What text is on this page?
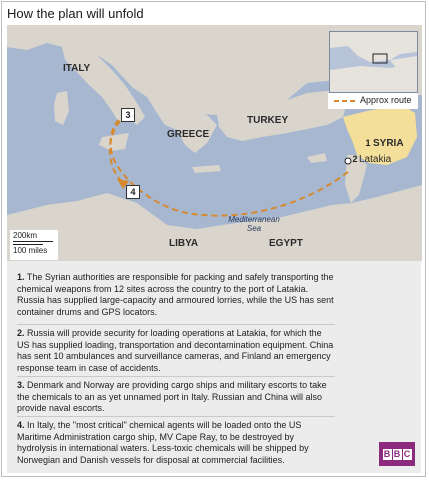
How the plan will unfold
ITALY
GREECE
TURKEY
SYRIA
Latakia
LIBYA	EGYPT
Mediterranean
Sea
1
2
3
4
Approx route
200km
100 miles
1. The Syrian authorities are responsible for packing and safely transporting the chemical weapons from 12 sites across the country to the port of Latakia. Russia has supplied large-capacity and armoured lorries, while the US has sent container drums and GPS locators.
2. Russia will provide security for loading operations at Latakia, for which the US has supplied loading, transportation and decontamination equipment. China has sent 10 ambulances and surveillance cameras, and Finland an emergency response team in case of accidents.
3. Denmark and Norway are providing cargo ships and military escorts to take the chemicals to an as yet unnamed port in Italy. Russian and China will also provide naval escorts.
4. In Italy, the "most critical" chemical agents will be loaded onto the US Maritime Administration cargo ship, MV Cape Ray, to be destroyed by hydrolysis in international waters. Less-toxic chemicals will be shipped by Norwegian and Danish vessels for disposal at commercial facilities.
B B C
